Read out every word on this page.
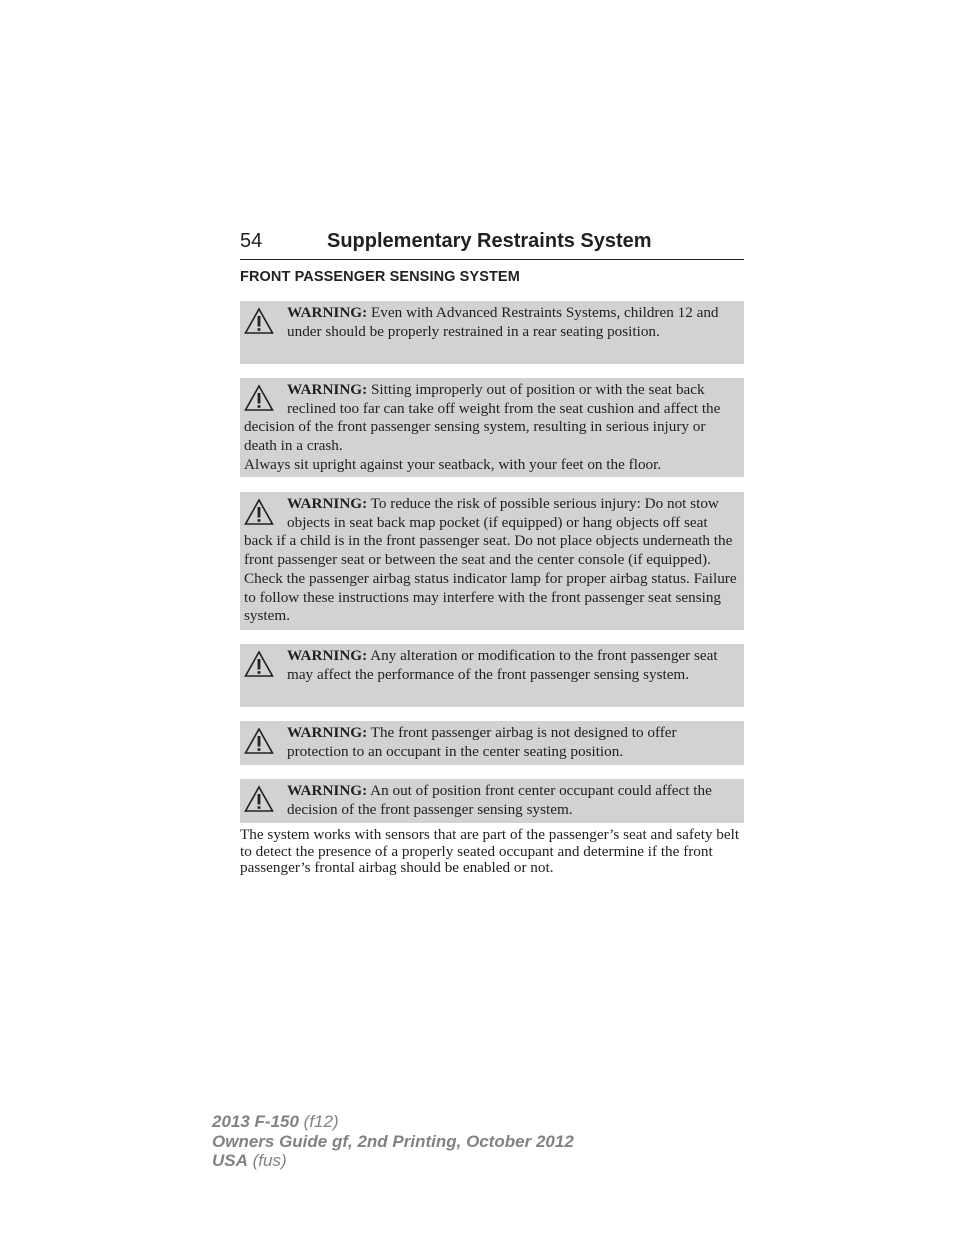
54	Supplementary Restraints System
FRONT PASSENGER SENSING SYSTEM

WARNING: Even with Advanced Restraints Systems, children 12 and under should be properly restrained in a rear seating position.

WARNING: Sitting improperly out of position or with the seat back reclined too far can take off weight from the seat cushion and affect the decision of the front passenger sensing system, resulting in serious injury or death in a crash.

Always sit upright against your seatback, with your feet on the floor.

WARNING: To reduce the risk of possible serious injury: Do not stow objects in seat back map pocket (if equipped) or hang objects off seat back if a child is in the front passenger seat. Do not place objects underneath the front passenger seat or between the seat and the center console (if equipped). Check the passenger airbag status indicator lamp for proper airbag status. Failure to follow these instructions may interfere with the front passenger seat sensing system.

WARNING: Any alteration or modification to the front passenger seat may affect the performance of the front passenger sensing system.

WARNING: The front passenger airbag is not designed to offer protection to an occupant in the center seating position.

WARNING: An out of position front center occupant could affect the decision of the front passenger sensing system.

The system works with sensors that are part of the passenger’s seat and safety belt to detect the presence of a properly seated occupant and determine if the front passenger’s frontal airbag should be enabled or not.
2013 F-150 (f12)
Owners Guide gf, 2nd Printing, October 2012
USA (fus)
